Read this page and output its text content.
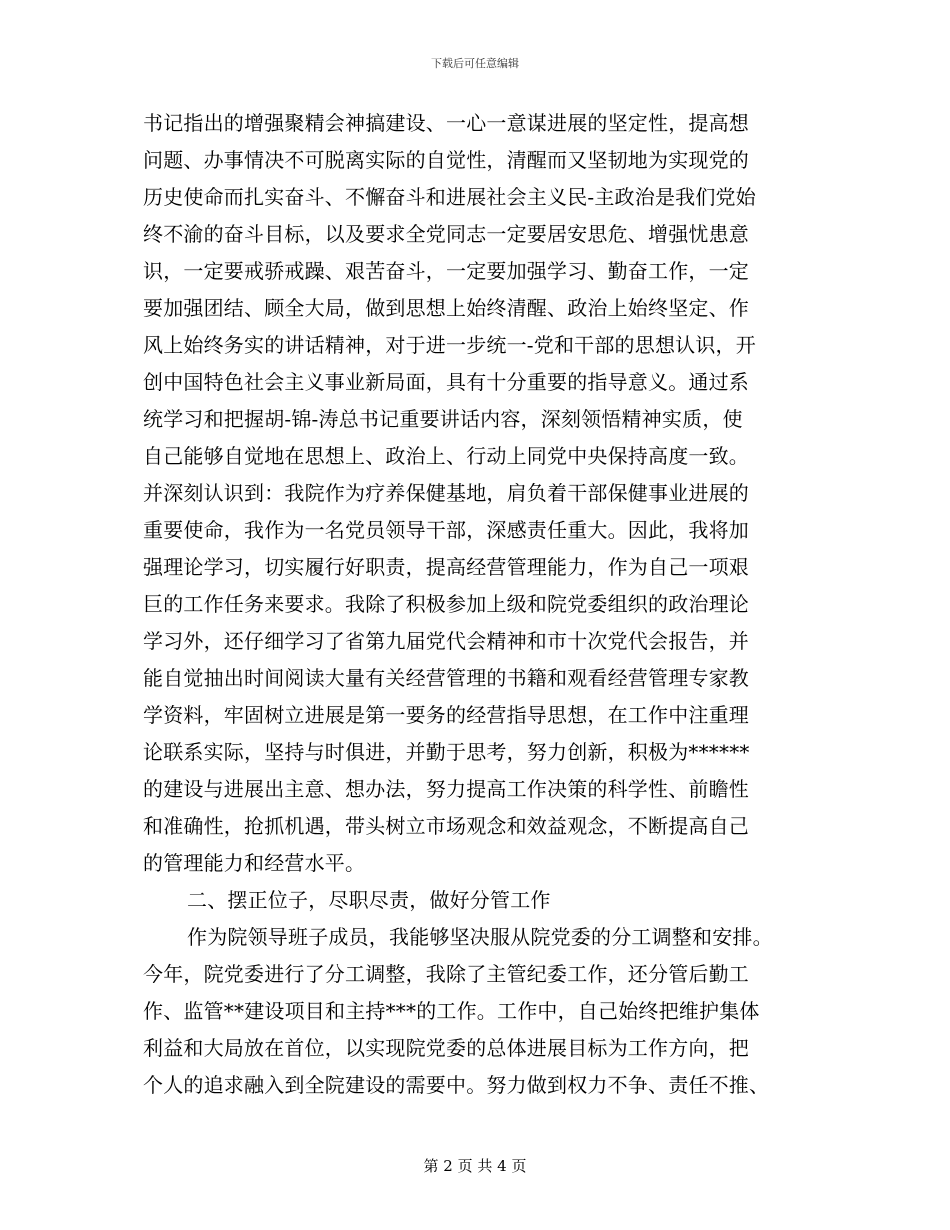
下载后可任意编辑
书记指出的增强聚精会神搞建设、一心一意谋进展的坚定性，提高想
问题、办事情决不可脱离实际的自觉性，清醒而又坚韧地为实现党的
历史使命而扎实奋斗、不懈奋斗和进展社会主义民-主政治是我们党始
终不渝的奋斗目标，以及要求全党同志一定要居安思危、增强忧患意
识，一定要戒骄戒躁、艰苦奋斗，一定要加强学习、勤奋工作，一定
要加强团结、顾全大局，做到思想上始终清醒、政治上始终坚定、作
风上始终务实的讲话精神，对于进一步统一-党和干部的思想认识，开
创中国特色社会主义事业新局面，具有十分重要的指导意义。通过系
统学习和把握胡-锦-涛总书记重要讲话内容，深刻领悟精神实质，使
自己能够自觉地在思想上、政治上、行动上同党中央保持高度一致。
并深刻认识到：我院作为疗养保健基地，肩负着干部保健事业进展的
重要使命，我作为一名党员领导干部，深感责任重大。因此，我将加
强理论学习，切实履行好职责，提高经营管理能力，作为自己一项艰
巨的工作任务来要求。我除了积极参加上级和院党委组织的政治理论
学习外，还仔细学习了省第九届党代会精神和市十次党代会报告，并
能自觉抽出时间阅读大量有关经营管理的书籍和观看经营管理专家教
学资料，牢固树立进展是第一要务的经营指导思想，在工作中注重理
论联系实际，坚持与时俱进，并勤于思考，努力创新，积极为******
的建设与进展出主意、想办法，努力提高工作决策的科学性、前瞻性
和准确性，抢抓机遇，带头树立市场观念和效益观念，不断提高自己
的管理能力和经营水平。
二、摆正位子，尽职尽责，做好分管工作
作为院领导班子成员，我能够坚决服从院党委的分工调整和安排。
今年，院党委进行了分工调整，我除了主管纪委工作，还分管后勤工
作、监管**建设项目和主持***的工作。工作中，自己始终把维护集体
利益和大局放在首位，以实现院党委的总体进展目标为工作方向，把
个人的追求融入到全院建设的需要中。努力做到权力不争、责任不推、
第 2 页 共 4 页
